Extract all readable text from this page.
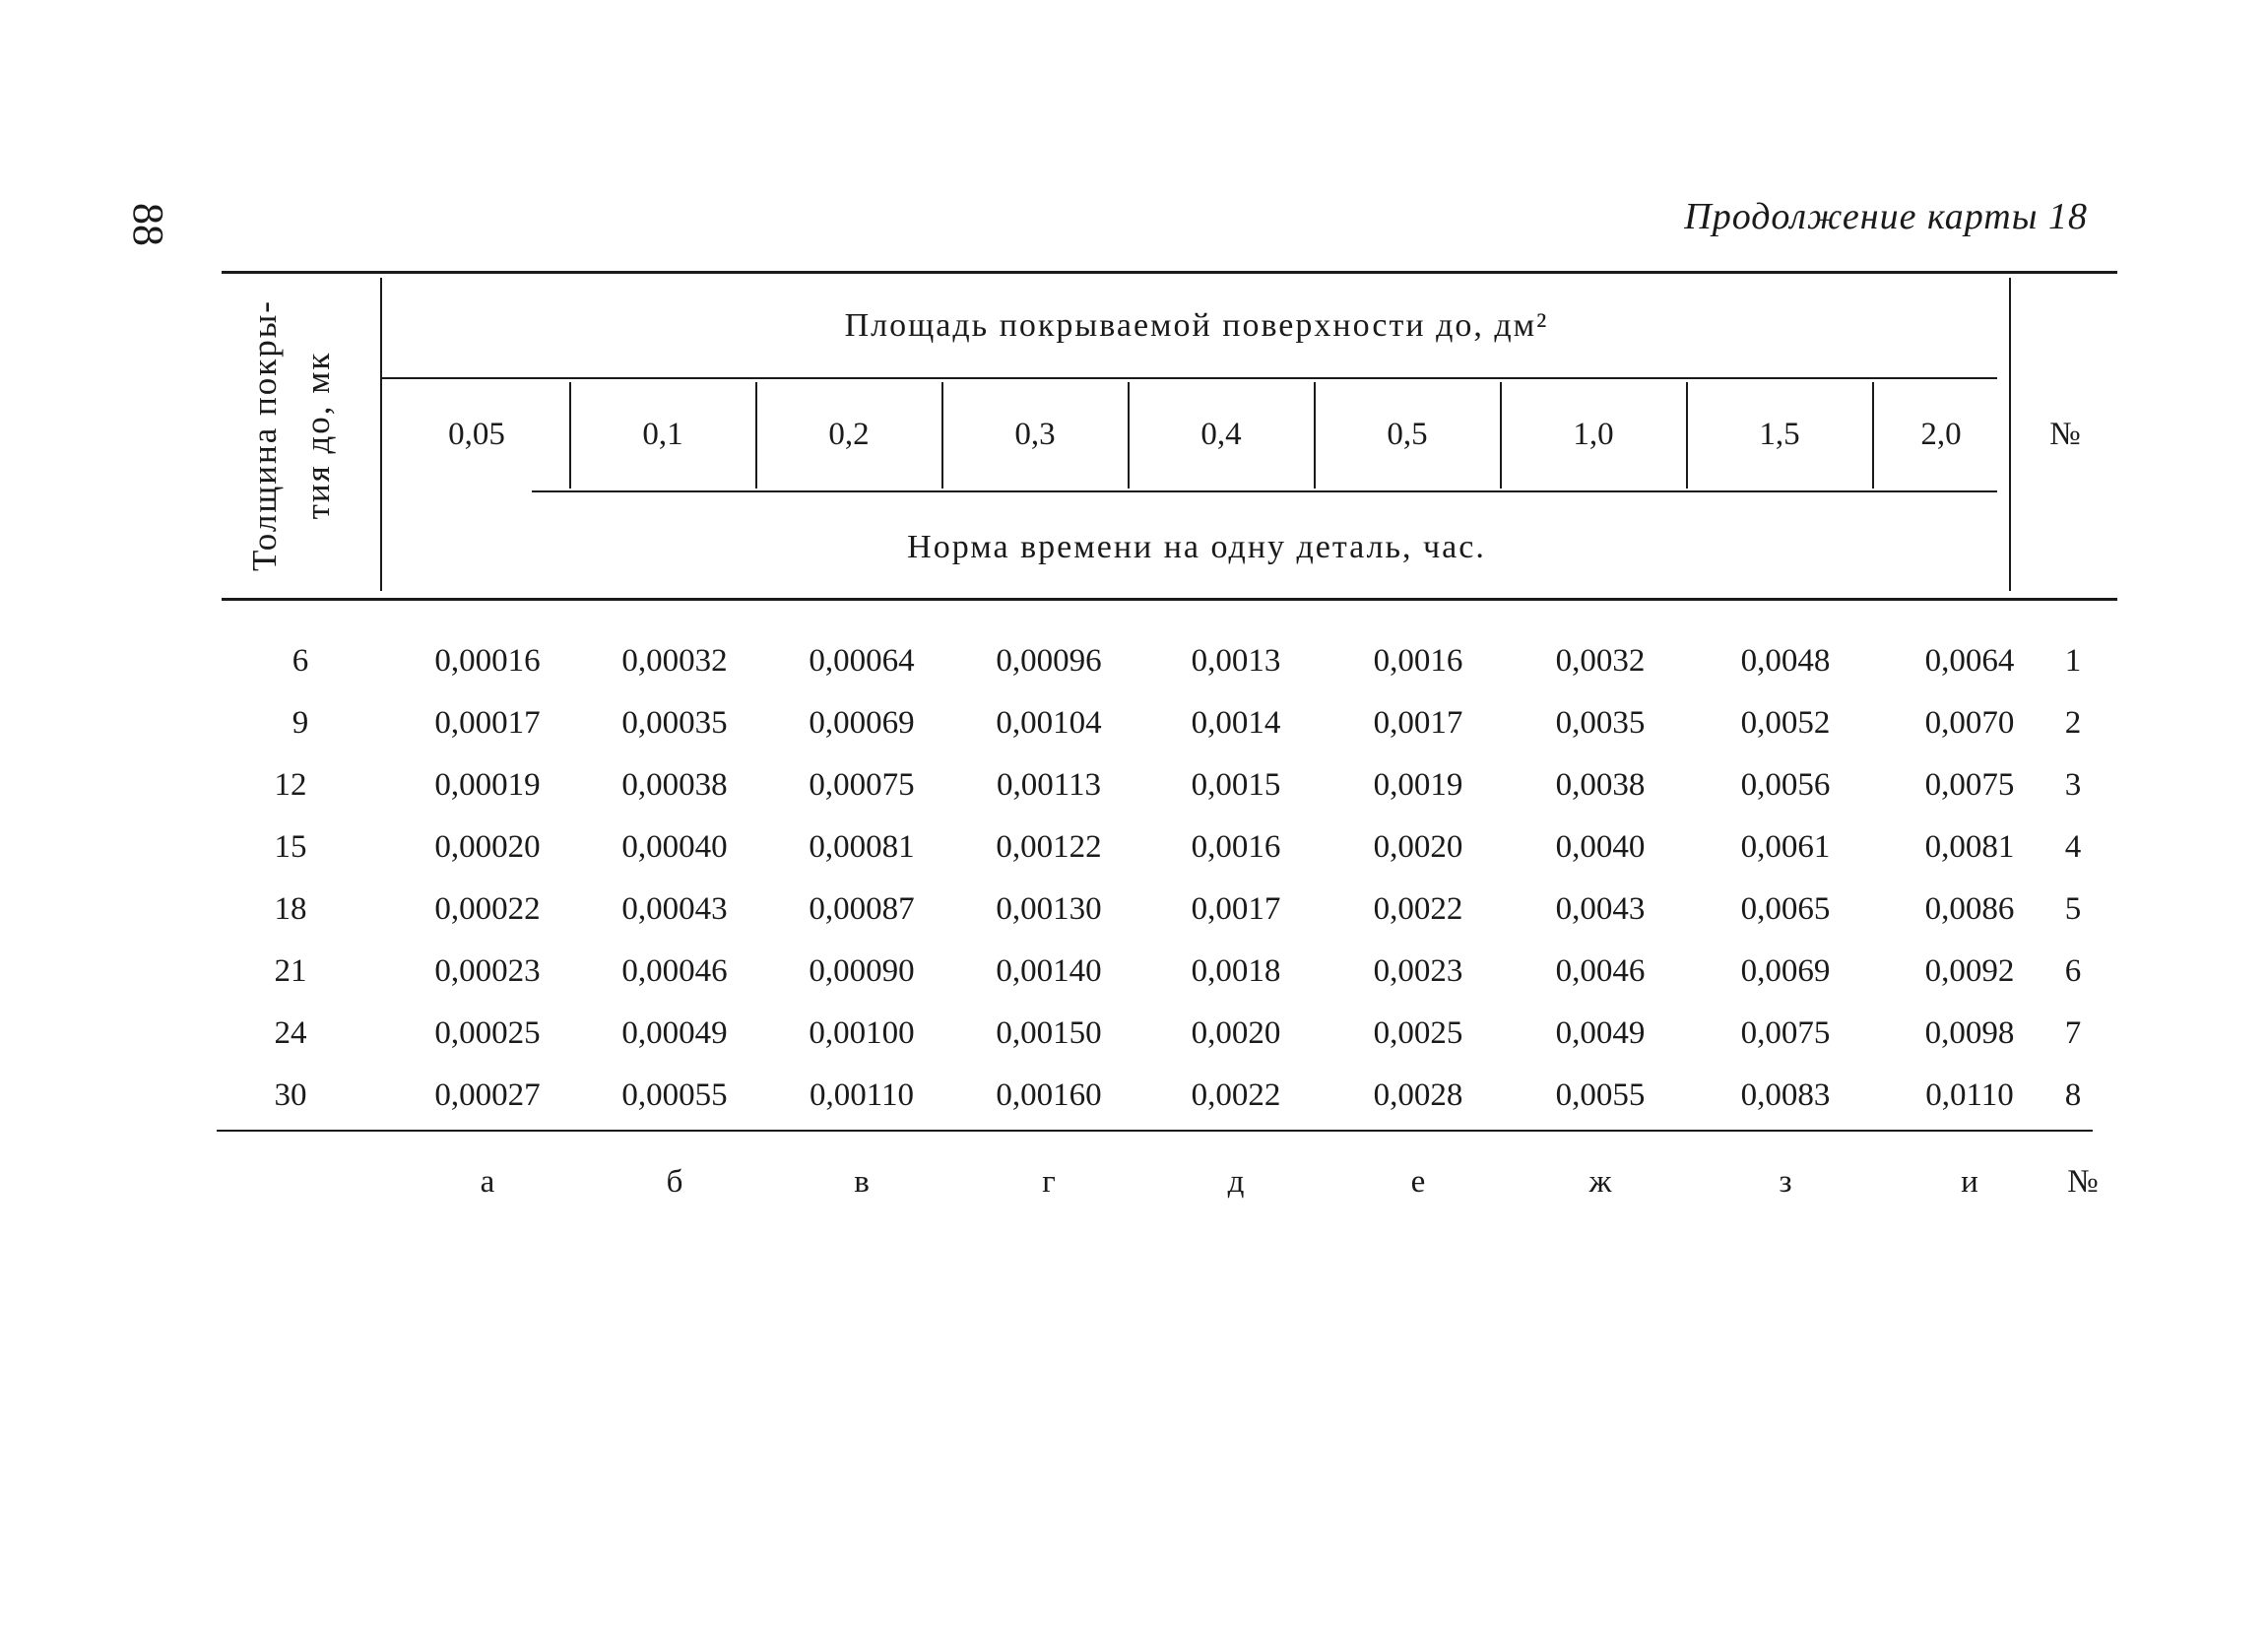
88	Продолжение карты 18
Толщина покры- тия до, мк
Площадь покрываемой поверхности до, дм²
Норма времени на одну деталь, час.
№
0,05	0,1	0,2	0,3	0,4	0,5	1,0	1,5	2,0
6	0,00016	0,00032	0,00064	0,00096	0,0013	0,0016	0,0032	0,0048	0,0064	1
9	0,00017	0,00035	0,00069	0,00104	0,0014	0,0017	0,0035	0,0052	0,0070	2
12	0,00019	0,00038	0,00075	0,00113	0,0015	0,0019	0,0038	0,0056	0,0075	3
15	0,00020	0,00040	0,00081	0,00122	0,0016	0,0020	0,0040	0,0061	0,0081	4
18	0,00022	0,00043	0,00087	0,00130	0,0017	0,0022	0,0043	0,0065	0,0086	5
21	0,00023	0,00046	0,00090	0,00140	0,0018	0,0023	0,0046	0,0069	0,0092	6
24	0,00025	0,00049	0,00100	0,00150	0,0020	0,0025	0,0049	0,0075	0,0098	7
30	0,00027	0,00055	0,00110	0,00160	0,0022	0,0028	0,0055	0,0083	0,0110	8
а	б	в	г	д	е	ж	з	и	№
